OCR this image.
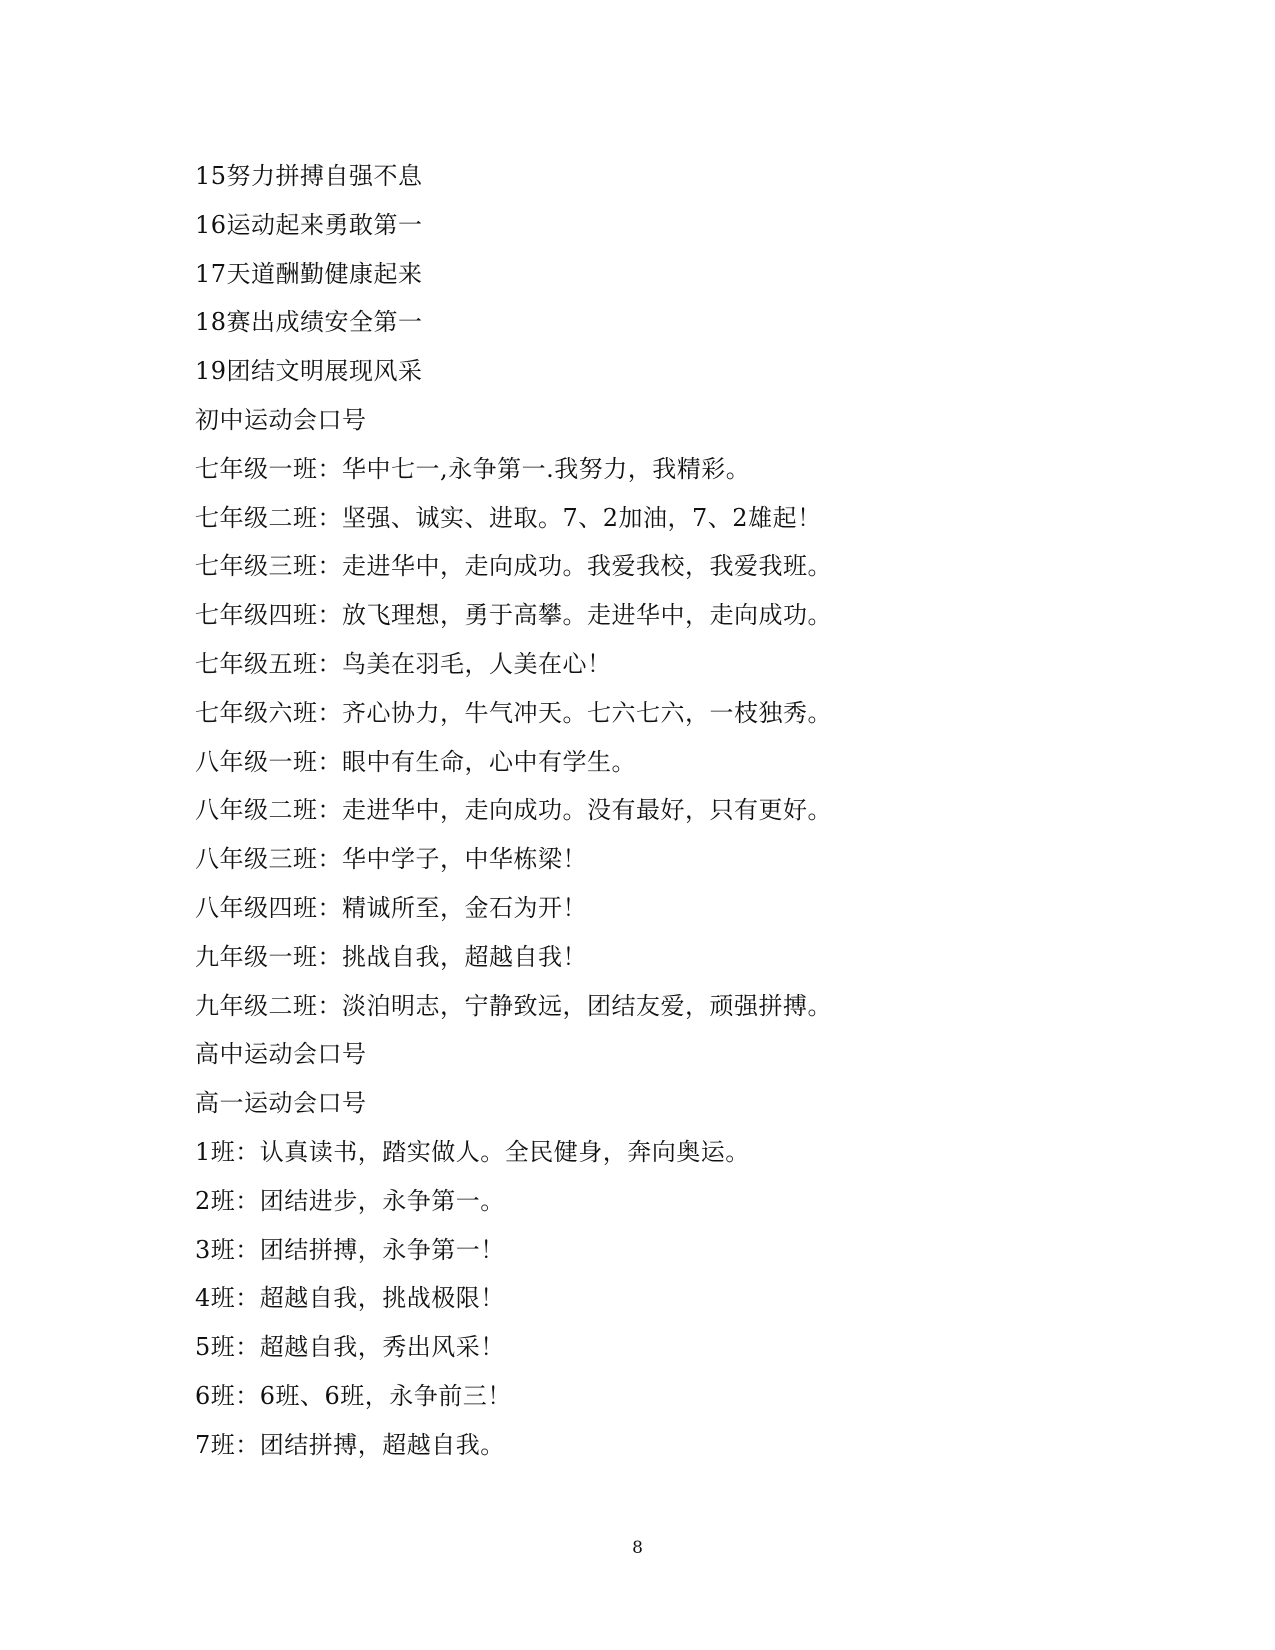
15努力拼搏自强不息
16运动起来勇敢第一
17天道酬勤健康起来
18赛出成绩安全第一
19团结文明展现风采
初中运动会口号
七年级一班：华中七一,永争第一.我努力，我精彩。
七年级二班：坚强、诚实、进取。7、2加油，7、2雄起！
七年级三班：走进华中，走向成功。我爱我校，我爱我班。
七年级四班：放飞理想，勇于高攀。走进华中，走向成功。
七年级五班：鸟美在羽毛，人美在心！
七年级六班：齐心协力，牛气冲天。七六七六，一枝独秀。
八年级一班：眼中有生命，心中有学生。
八年级二班：走进华中，走向成功。没有最好，只有更好。
八年级三班：华中学子，中华栋梁！
八年级四班：精诚所至，金石为开！
九年级一班：挑战自我，超越自我！
九年级二班：淡泊明志，宁静致远，团结友爱，顽强拼搏。
高中运动会口号
高一运动会口号
1班：认真读书，踏实做人。全民健身，奔向奥运。
2班：团结进步，永争第一。
3班：团结拼搏，永争第一！
4班：超越自我，挑战极限！
5班：超越自我，秀出风采！
6班：6班、6班，永争前三！
7班：团结拼搏，超越自我。
8
